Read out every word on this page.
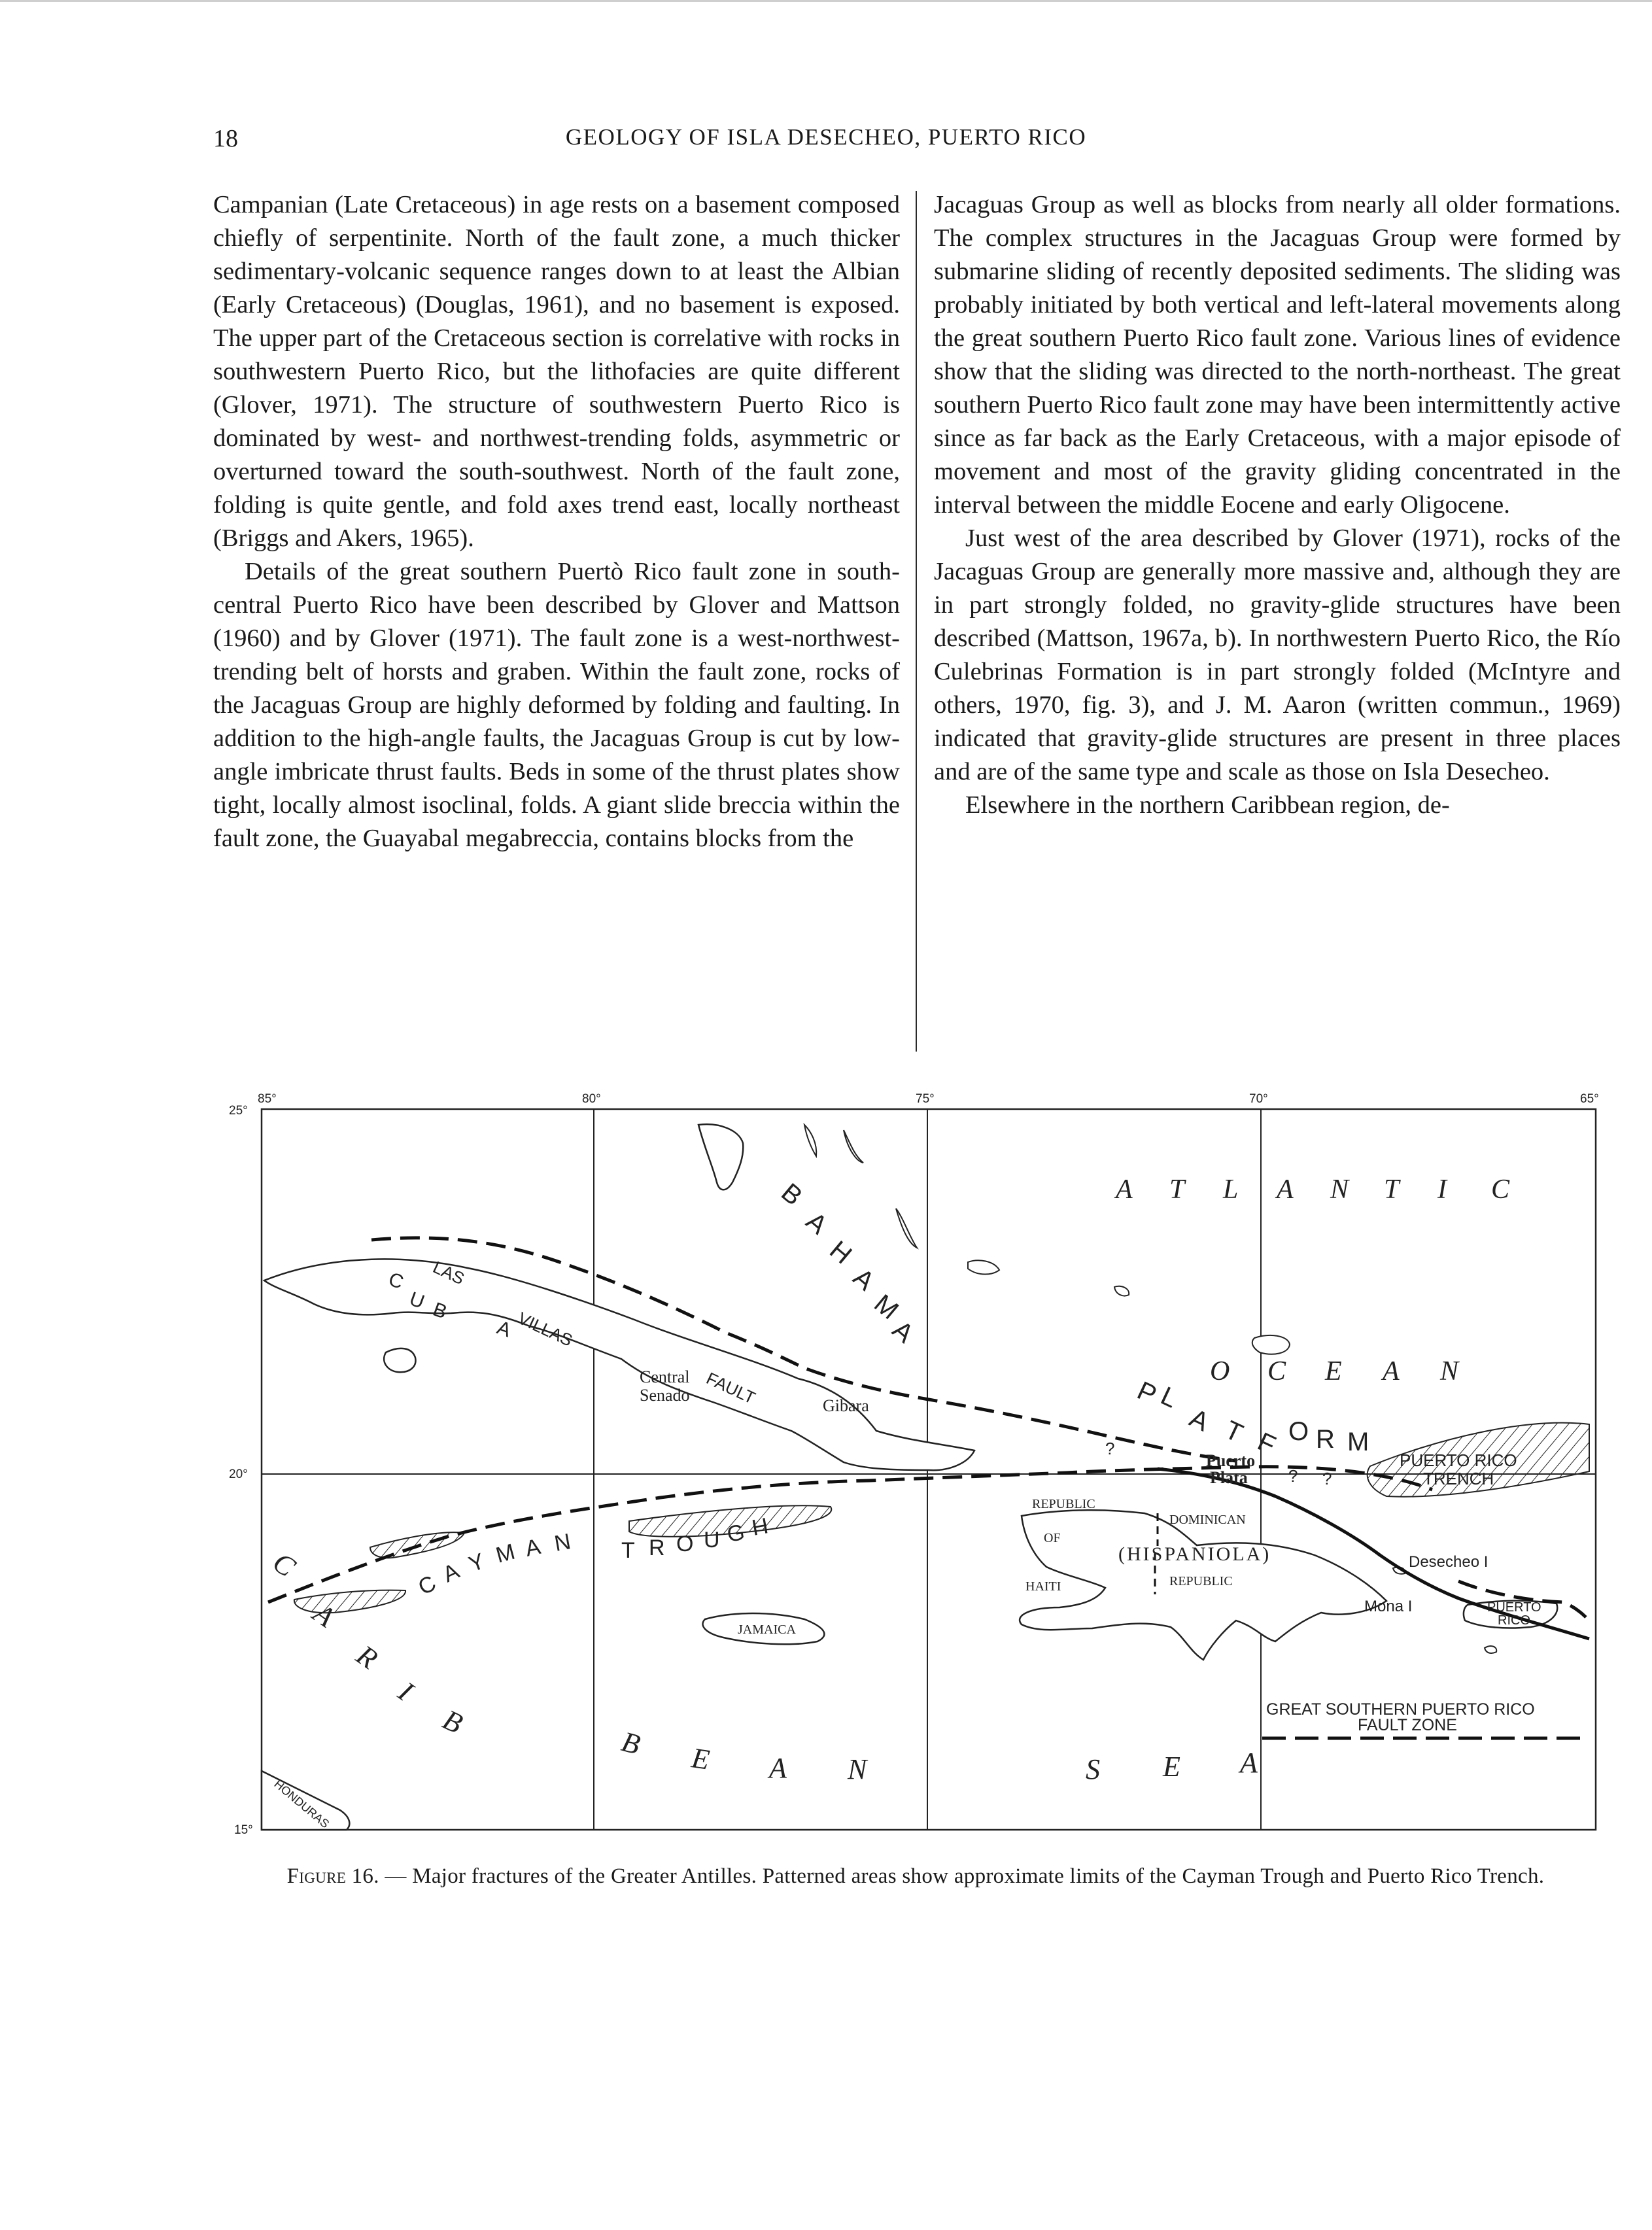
18	GEOLOGY OF ISLA DESECHEO, PUERTO RICO

Campanian (Late Cretaceous) in age rests on a basement composed chiefly of serpentinite. North of the fault zone, a much thicker sedimentary-volcanic sequence ranges down to at least the Albian (Early Cretaceous) (Douglas, 1961), and no basement is exposed. The upper part of the Cretaceous section is correlative with rocks in southwestern Puerto Rico, but the lithofacies are quite different (Glover, 1971). The structure of southwestern Puerto Rico is dominated by west- and northwest-trending folds, asymmetric or overturned toward the south-southwest. North of the fault zone, folding is quite gentle, and fold axes trend east, locally northeast (Briggs and Akers, 1965).

Details of the great southern Puertò Rico fault zone in south-central Puerto Rico have been described by Glover and Mattson (1960) and by Glover (1971). The fault zone is a west-northwest-trending belt of horsts and graben. Within the fault zone, rocks of the Jacaguas Group are highly deformed by folding and faulting. In addition to the high-angle faults, the Jacaguas Group is cut by low-angle imbricate thrust faults. Beds in some of the thrust plates show tight, locally almost isoclinal, folds. A giant slide breccia within the fault zone, the Guayabal megabreccia, contains blocks from the

Jacaguas Group as well as blocks from nearly all older formations. The complex structures in the Jacaguas Group were formed by submarine sliding of recently deposited sediments. The sliding was probably initiated by both vertical and left-lateral movements along the great southern Puerto Rico fault zone. Various lines of evidence show that the sliding was directed to the north-northeast. The great southern Puerto Rico fault zone may have been intermittently active since as far back as the Early Cretaceous, with a major episode of movement and most of the gravity gliding concentrated in the interval between the middle Eocene and early Oligocene.

Just west of the area described by Glover (1971), rocks of the Jacaguas Group are generally more massive and, although they are in part strongly folded, no gravity-glide structures have been described (Mattson, 1967a, b). In northwestern Puerto Rico, the Río Culebrinas Formation is in part strongly folded (McIntyre and others, 1970, fig. 3), and J. M. Aaron (written commun., 1969) indicated that gravity-glide structures are present in three places and are of the same type and scale as those on Isla Desecheo.

Elsewhere in the northern Caribbean region, de-

85°	80°	75°	70°	65°
25°
20°
15°
A T L A N T I C
O C E A N
B
A
H
A
M
A
P
L
A T F O R M
C
A
R
I
B
B E A N	S E A
C
A Y M A N T R O U G H
C
U B
A
LAS
VILLAS
FAULT
Central
Senado
Gibara
Puerto
Plata
REPUBLIC
OF
HAITI
DOMINICAN
(HISPANIOLA)
REPUBLIC
JAMAICA
HONDURAS
PUERTO RICO
TRENCH
Desecheo I
Mona I	PUERTO
RICO
GREAT SOUTHERN PUERTO RICO
FAULT ZONE
?
? ?
Figure 16. — Major fractures of the Greater Antilles. Patterned areas show approximate limits of the Cayman Trough and Puerto Rico Trench.
